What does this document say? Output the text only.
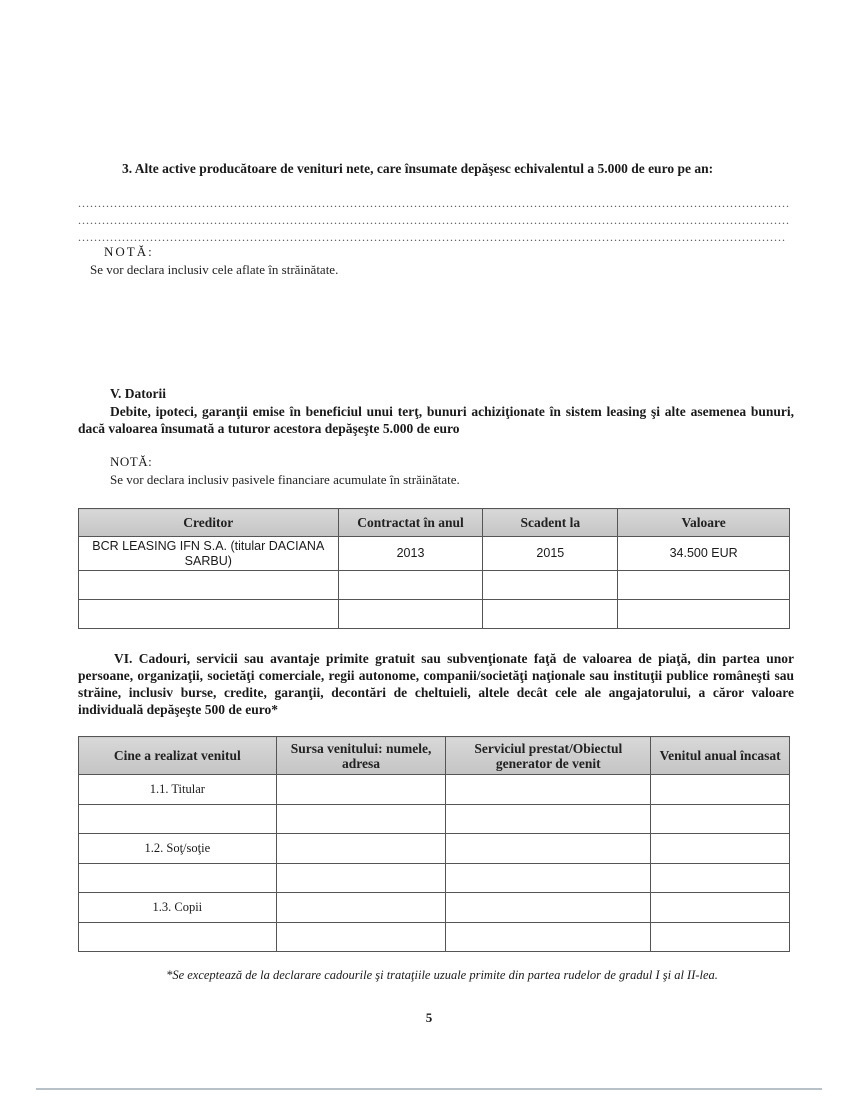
3. Alte active producătoare de venituri nete, care însumate depăşesc echivalentul a 5.000 de euro pe an:

..................................................................................................................................................................................
..................................................................................................................................................................................
.................................................................................................................................................................................

NOTĂ:

Se vor declara inclusiv cele aflate în străinătate.

V. Datorii

Debite, ipoteci, garanţii emise în beneficiul unui terţ, bunuri achiziţionate în sistem leasing şi alte asemenea bunuri, dacă valoarea însumată a tuturor acestora depăşeşte 5.000 de euro

NOTĂ:

Se vor declara inclusiv pasivele financiare acumulate în străinătate.

Creditor	Contractat în anul	Scadent la	Valoare
BCR LEASING IFN S.A. (titular DACIANA SARBU)	2013	2015	34.500 EUR

VI. Cadouri, servicii sau avantaje primite gratuit sau subvenţionate faţă de valoarea de piaţă, din partea unor persoane, organizaţii, societăţi comerciale, regii autonome, companii/societăţi naţionale sau instituţii publice româneşti sau străine, inclusiv burse, credite, garanţii, decontări de cheltuieli, altele decât cele ale angajatorului, a căror valoare individuală depăşeşte 500 de euro*

Cine a realizat venitul	Sursa venitului: numele, adresa	Serviciul prestat/Obiectul generator de venit	Venitul anual încasat
1.1. Titular			

1.2. Soţ/soţie			

1.3. Copii			

*Se exceptează de la declarare cadourile şi trataţiile uzuale primite din partea rudelor de gradul I şi al II-lea.

5
